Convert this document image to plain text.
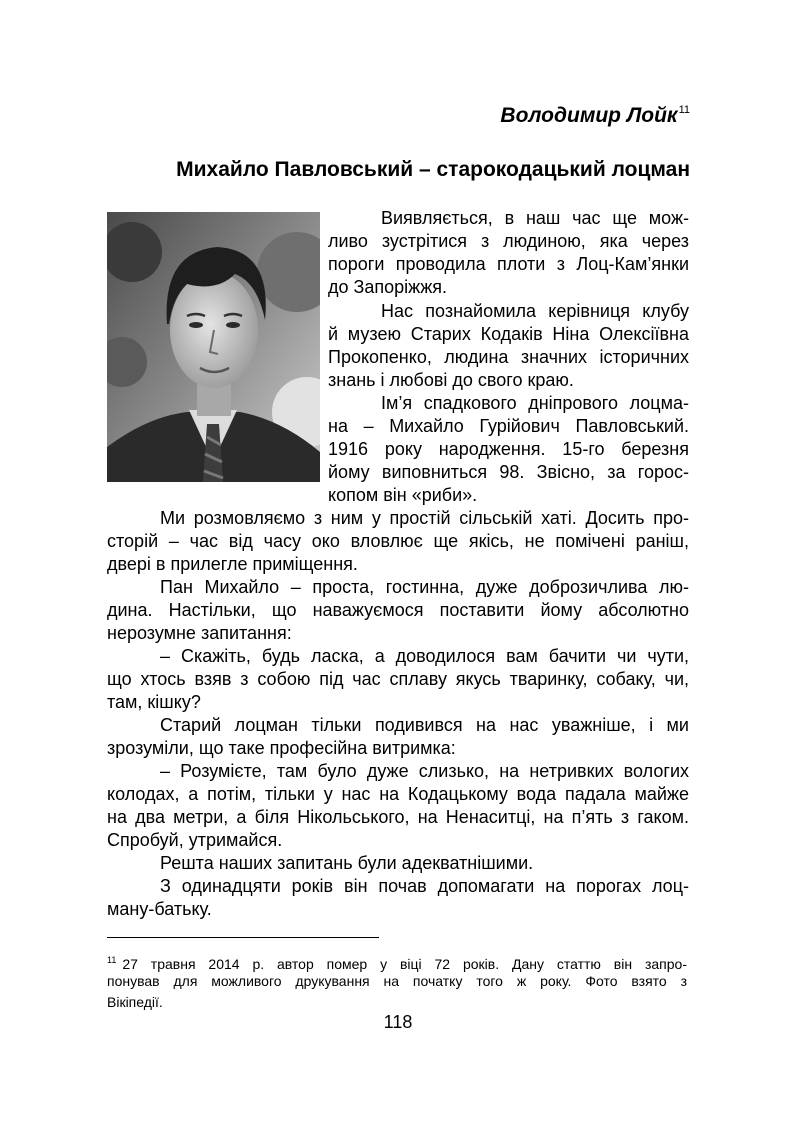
Володимир Лойк$^{11}$
Михайло Павловський – старокодацький лоцман
Виявляється, в наш час ще мож-
ливо зустрітися з людиною, яка через
пороги проводила плоти з Лоц-Кам’янки
до Запоріжжя.
Нас познайомила керівниця клубу
й музею Старих Кодаків Ніна Олексіївна
Прокопенко, людина значних історичних
знань і любові до свого краю.
Ім’я спадкового дніпрового лоцма-
на – Михайло Гурійович Павловський.
1916 року народження. 15-го березня
йому виповниться 98. Звісно, за горос-
копом він «риби».
Ми розмовляємо з ним у простій сільській хаті. Досить про-
сторій – час від часу око вловлює ще якісь, не помічені раніш,
двері в прилегле приміщення.
Пан Михайло – проста, гостинна, дуже доброзичлива лю-
дина. Настільки, що наважуємося поставити йому абсолютно
нерозумне запитання:
– Скажіть, будь ласка, а доводилося вам бачити чи чути,
що хтось взяв з собою під час сплаву якусь тваринку, собаку, чи,
там, кішку?
Старий лоцман тільки подивився на нас уважніше, і ми
зрозуміли, що таке професійна витримка:
– Розумієте, там було дуже слизько, на нетривких вологих
колодах, а потім, тільки у нас на Кодацькому вода падала майже
на два метри, а біля Нікольського, на Ненаситці, на п’ять з гаком.
Спробуй, утримайся.
Решта наших запитань були адекватнішими.
З одинадцяти років він почав допомагати на порогах лоц-
ману-батьку.
$^{11}$ 27 травня 2014 р. автор помер у віці 72 років. Дану статтю він запро-
понував для можливого друкування на початку того ж року. Фото взято з
Вікіпедії.
118
